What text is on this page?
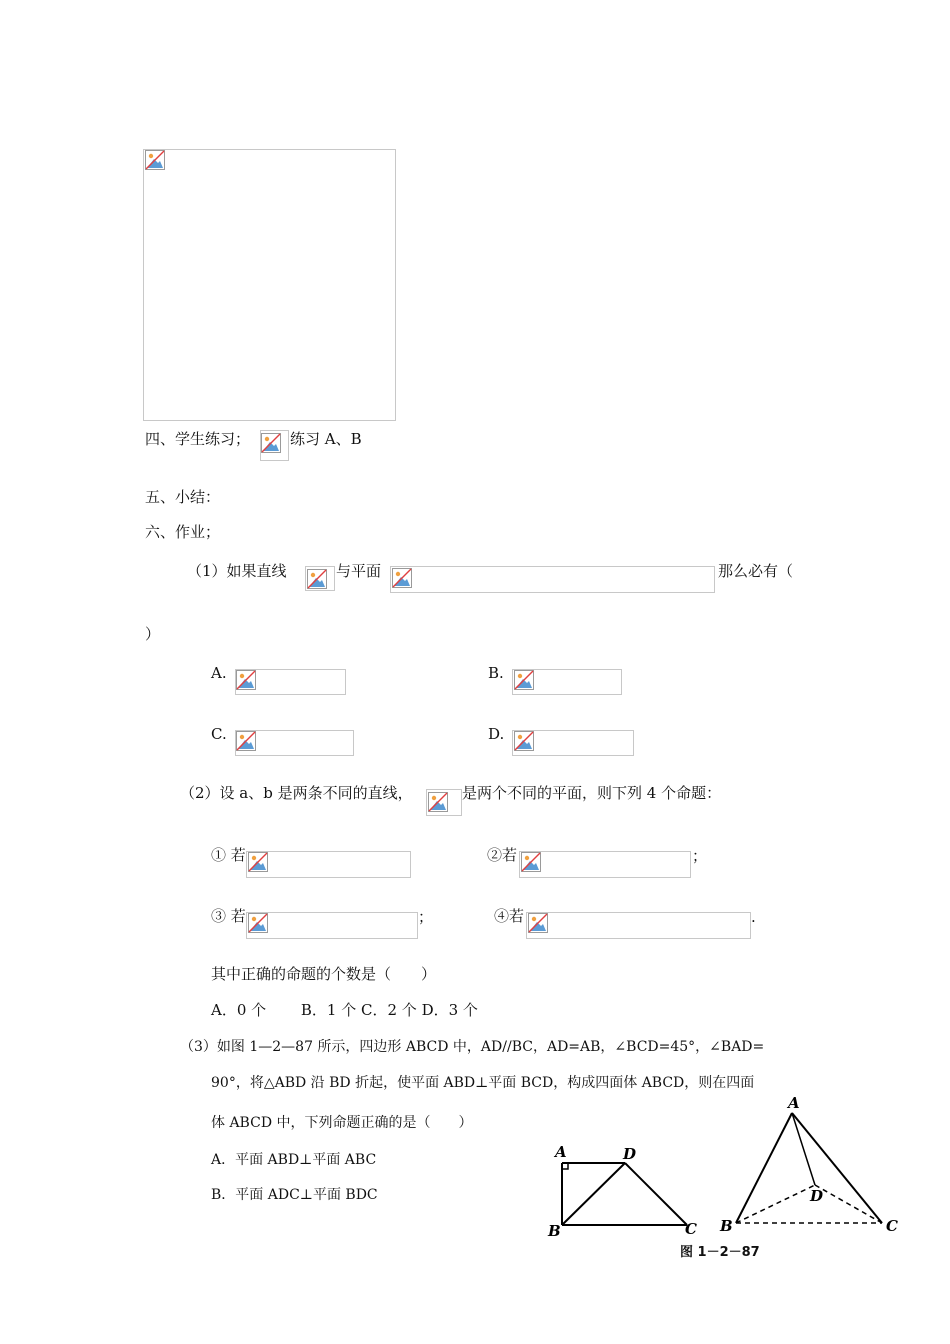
四、学生练习；	练习 A、B
五、小结：
六、作业；
（1）如果直线	与平面	那么必有（
）
A.	B.
C.	D.
（2）设 a、b 是两条不同的直线，	是两个不同的平面，则下列 4 个命题：
① 若	②若	；
③ 若	；	④若	.
其中正确的命题的个数是（　　）
A．0 个　　 B．1 个 C．2 个 D．3 个
（3）如图 1—2—87 所示，四边形 ABCD 中，AD//BC，AD=AB，∠BCD=45°，∠BAD=
90°，将△ABD 沿 BD 折起，使平面 ABD⊥平面 BCD，构成四面体 ABCD，则在四面
体 ABCD 中，下列命题正确的是（　　）
A．平面 ABD⊥平面 ABC
B．平面 ADC⊥平面 BDC
A	D
B	C
A
D
B	C
图 1－2－87
